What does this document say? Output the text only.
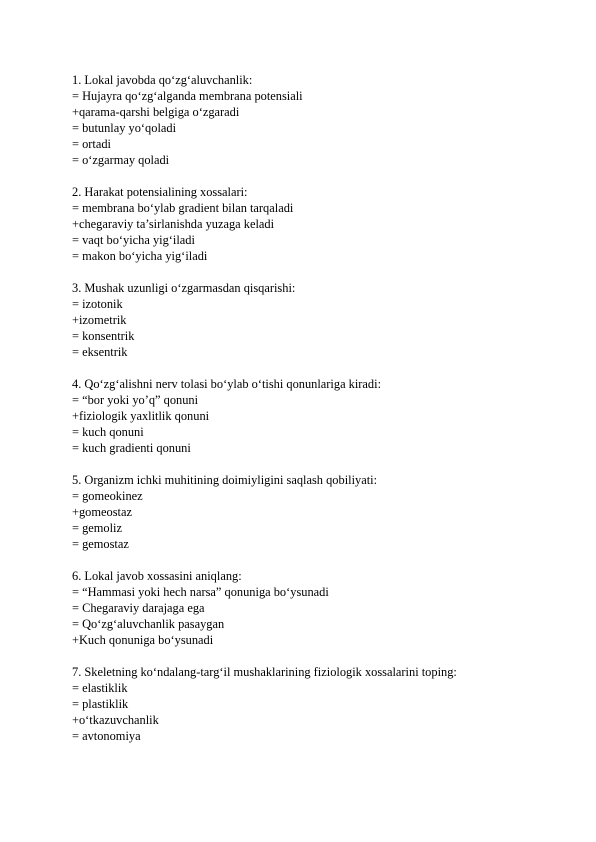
1. Lokal javobda qo‘zg‘aluvchanlik:
= Hujayra qo‘zg‘alganda membrana potensiali
+qarama-qarshi belgiga o‘zgaradi
= butunlay yo‘qoladi
= ortadi
= o‘zgarmay qoladi
2. Harakat potensialining xossalari:
= membrana bo‘ylab gradient bilan tarqaladi
+chegaraviy ta’sirlanishda yuzaga keladi
= vaqt bo‘yicha yig‘iladi
= makon bo‘yicha yig‘iladi
3. Mushak uzunligi o‘zgarmasdan qisqarishi:
= izotonik
+izometrik
= konsentrik
= eksentrik
4. Qo‘zg‘alishni nerv tolasi bo‘ylab o‘tishi qonunlariga kiradi:
= “bor yoki yo’q” qonuni
+fiziologik yaxlitlik qonuni
= kuch qonuni
= kuch gradienti qonuni
5. Organizm ichki muhitining doimiyligini saqlash qobiliyati:
= gomeokinez
+gomeostaz
= gemoliz
= gemostaz
6. Lokal javob xossasini aniqlang:
= “Hammasi yoki hech narsa” qonuniga bo‘ysunadi
= Chegaraviy darajaga ega
= Qo‘zg‘aluvchanlik pasaygan
+Kuch qonuniga bo‘ysunadi
7. Skeletning ko‘ndalang-targ‘il mushaklarining fiziologik xossalarini toping:
= elastiklik
= plastiklik
+o‘tkazuvchanlik
= avtonomiya
